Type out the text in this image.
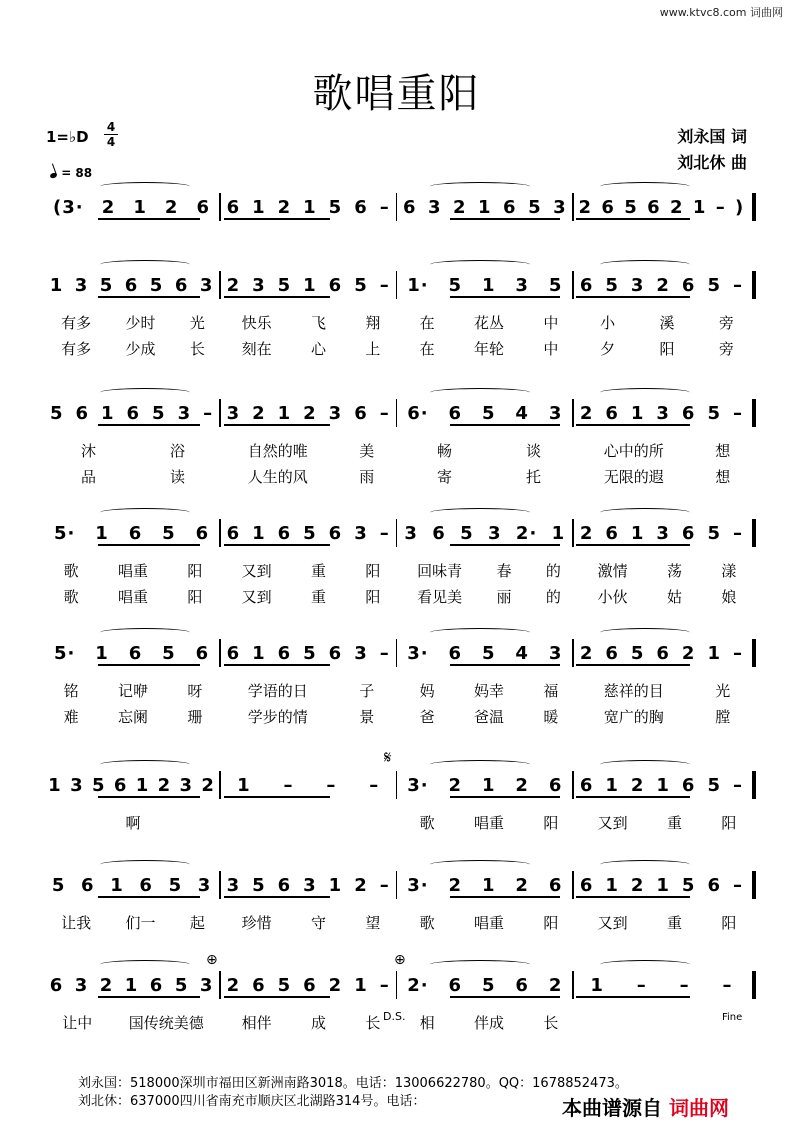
www.ktvc8.com 词曲网
歌唱重阳
1=♭D
4
4
= 88
刘永国 词
刘北休 曲
(3· 2 1 2 6 6 1 2 1 5 6 – 6 3 2 1 6 5 3 2 6 5 6 2 1 – )
1 3 5 6 5 6 3 2 3 5 1 6 5 – 1· 5 1 3 5 6 5 3 2 6 5 –
有多 少时 光 快乐	飞	翔	在	花丛	中	小	溪	旁
有多 少成 长 刻在	心	上	在	年轮	中	夕	阳	旁
5 6 1 6 5 3 – 3 2 1 2 3 6 – 6· 6 5 4 3 2 6 1 3 6 5 –
沐	浴	自然的唯	美	畅	谈	心中的所	想
品	读	人生的风	雨	寄	托	无限的遐	想
5· 1 6 5 6 6 1 6 5 6 3 – 3 6 5 3 2· 1 2 6 1 3 6 5 –
歌	唱重	阳	又到	重	阳 回味青 春 的 激情	荡	漾
歌	唱重	阳	又到	重	阳 看见美 丽 的 小伙	姑	娘
5· 1 6 5 6 6 1 6 5 6 3 – 3· 6 5 4 3 2 6 5 6 2 1 –
铭	记咿	呀	学语的日	子	妈	妈幸	福	慈祥的目	光
难	忘阑	珊	学步的情	景	爸	爸温	暖	宽广的胸	膛
1 3 5 6 1 2 3 2 1 – – – 3· 2 1 2 6 6 1 2 1 6 5 –
啊	歌	唱重	阳	又到	重	阳
5 6 1 6 5 3 3 5 6 3 1 2 – 3· 2 1 2 6 6 1 2 1 5 6 –
让我 们一 起 珍惜	守	望	歌	唱重	阳	又到	重	阳
6 3 2 1 6 5 3 2 6 5 6 2 1 – 2· 6 5 6 2 1 – – –
让中 国传统美德	相伴	成	长	相	伴成	长
𝄋
⊕	⊕
D.S.	Fine
刘永国：518000深圳市福田区新洲南路3018。电话：13006622780。QQ：1678852473。
刘北休：637000四川省南充市顺庆区北湖路314号。电话：	本曲谱源自 词曲网
